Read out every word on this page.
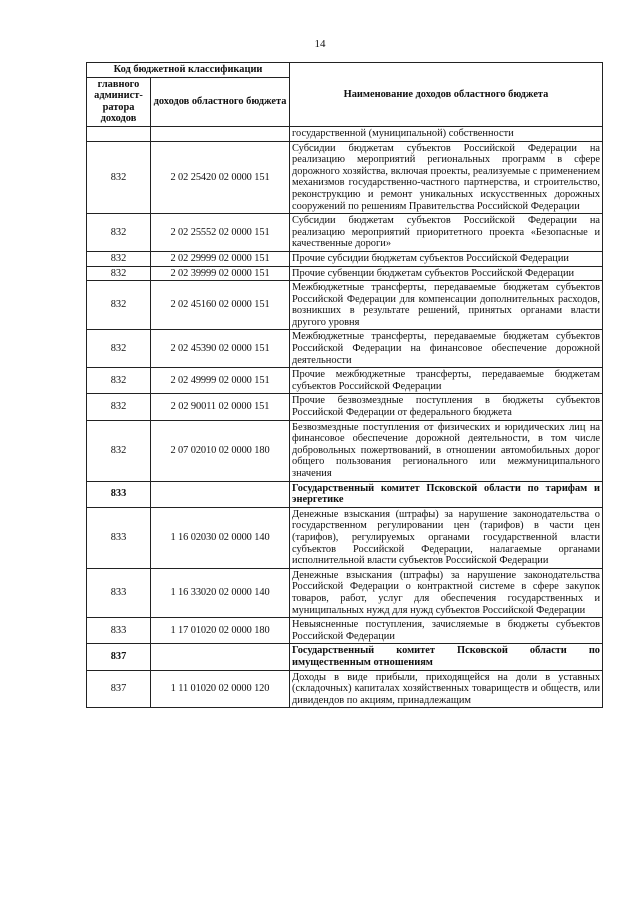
14
Код бюджетной классификации		Наименование доходов областного бюджета
главного админист-ратора доходов	доходов областного бюджета	
		государственной (муниципальной) собственности
832	2 02 25420 02 0000 151	Субсидии бюджетам субъектов Российской Федерации на реализацию мероприятий региональных программ в сфере дорожного хозяйства, включая проекты, реализуемые с применением механизмов государственно-частного партнерства, и строительство, реконструкцию и ремонт уникальных искусственных дорожных сооружений по решениям Правительства Российской Федерации
832	2 02 25552 02 0000 151	Субсидии бюджетам субъектов Российской Федерации на реализацию мероприятий приоритетного проекта «Безопасные и качественные дороги»
832	2 02 29999 02 0000 151	Прочие субсидии бюджетам субъектов Российской Федерации
832	2 02 39999 02 0000 151	Прочие субвенции бюджетам субъектов Российской Федерации
832	2 02 45160 02 0000 151	Межбюджетные трансферты, передаваемые бюджетам субъектов Российской Федерации для компенсации дополнительных расходов, возникших в результате решений, принятых органами власти другого уровня
832	2 02 45390 02 0000 151	Межбюджетные трансферты, передаваемые бюджетам субъектов Российской Федерации на финансовое обеспечение дорожной деятельности
832	2 02 49999 02 0000 151	Прочие межбюджетные трансферты, передаваемые бюджетам субъектов Российской Федерации
832	2 02 90011 02 0000 151	Прочие безвозмездные поступления в бюджеты субъектов Российской Федерации от федерального бюджета
832	2 07 02010 02 0000 180	Безвозмездные поступления от физических и юридических лиц на финансовое обеспечение дорожной деятельности, в том числе добровольных пожертвований, в отношении автомобильных дорог общего пользования регионального или межмуниципального значения
833		Государственный комитет Псковской области по тарифам и энергетике
833	1 16 02030 02 0000 140	Денежные взыскания (штрафы) за нарушение законодательства о государственном регулировании цен (тарифов) в части цен (тарифов), регулируемых органами государственной власти субъектов Российской Федерации, налагаемые органами исполнительной власти субъектов Российской Федерации
833	1 16 33020 02 0000 140	Денежные взыскания (штрафы) за нарушение законодательства Российской Федерации о контрактной системе в сфере закупок товаров, работ, услуг для обеспечения государственных и муниципальных нужд для нужд субъектов Российской Федерации
833	1 17 01020 02 0000 180	Невыясненные поступления, зачисляемые в бюджеты субъектов Российской Федерации
837		Государственный комитет Псковской области по имущественным отношениям
837	1 11 01020 02 0000 120	Доходы в виде прибыли, приходящейся на доли в уставных (складочных) капиталах хозяйственных товариществ и обществ, или дивидендов по акциям, принадлежащим
